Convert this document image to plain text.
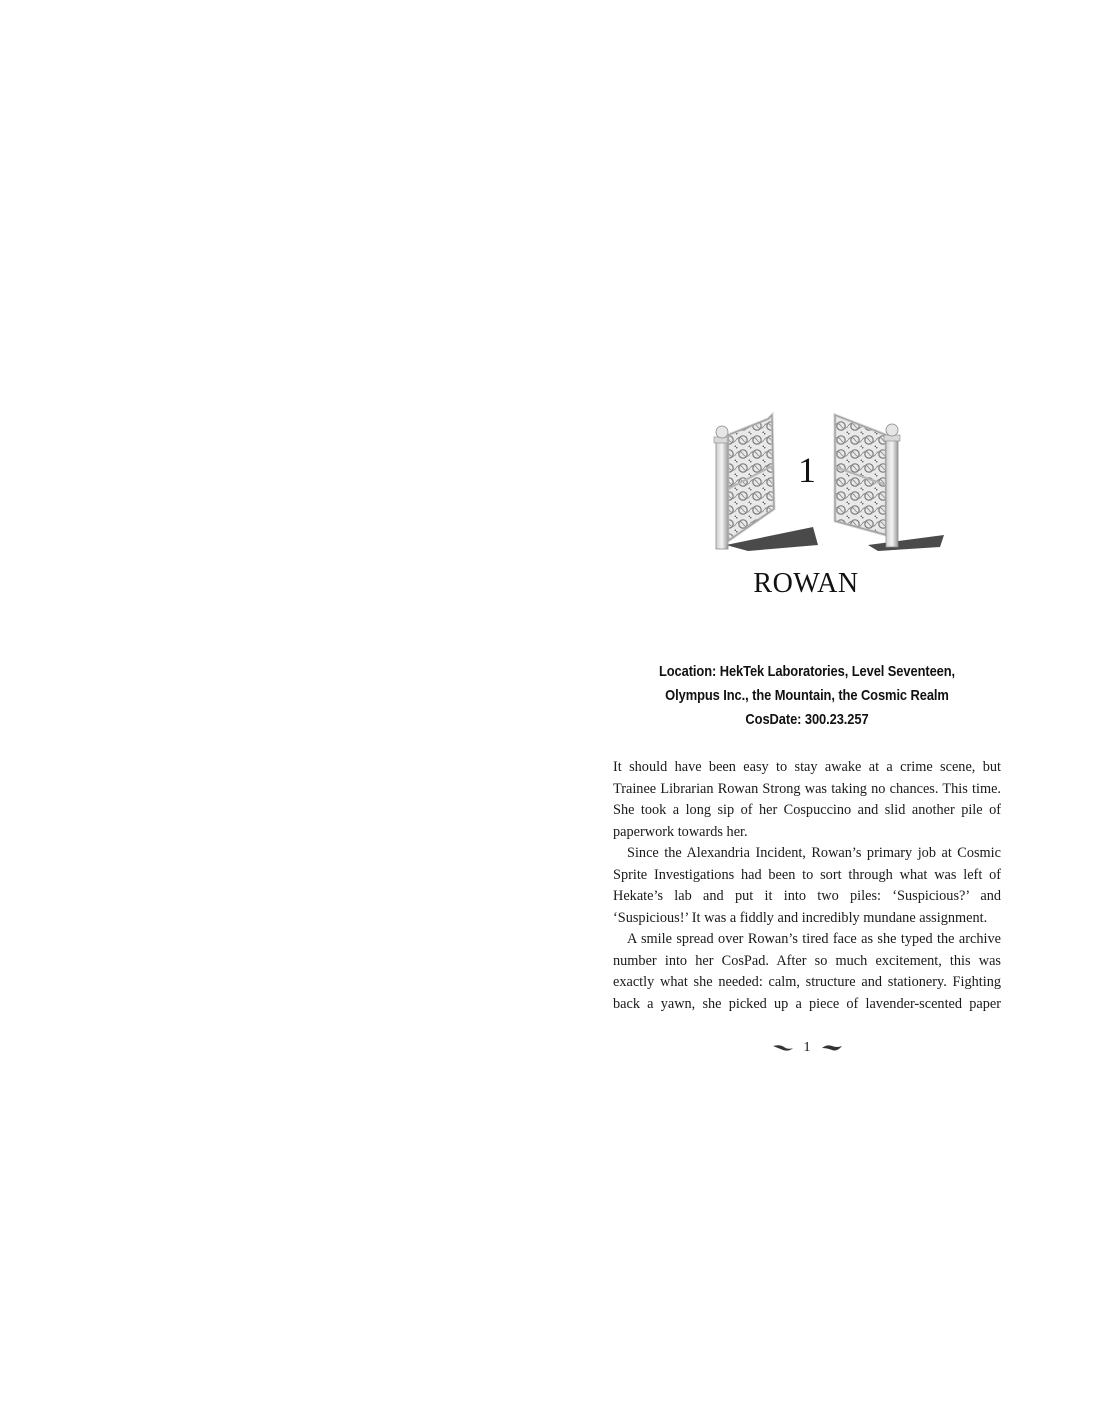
1
ROWAN
Location: HekTek Laboratories, Level Seventeen,
Olympus Inc., the Mountain, the Cosmic Realm
CosDate: 300.23.257

It should have been easy to stay awake at a crime scene, but Trainee Librarian Rowan Strong was taking no chances. This time. She took a long sip of her Cospuccino and slid another pile of paperwork towards her.

Since the Alexandria Incident, Rowan’s primary job at Cosmic Sprite Investigations had been to sort through what was left of Hekate’s lab and put it into two piles: ‘Suspicious?’ and ‘Suspicious!’ It was a fiddly and incredibly mundane assignment.

A smile spread over Rowan’s tired face as she typed the archive number into her CosPad. After so much excitement, this was exactly what she needed: calm, structure and stationery. Fighting back a yawn, she picked up a piece of lavender-scented paper

1
